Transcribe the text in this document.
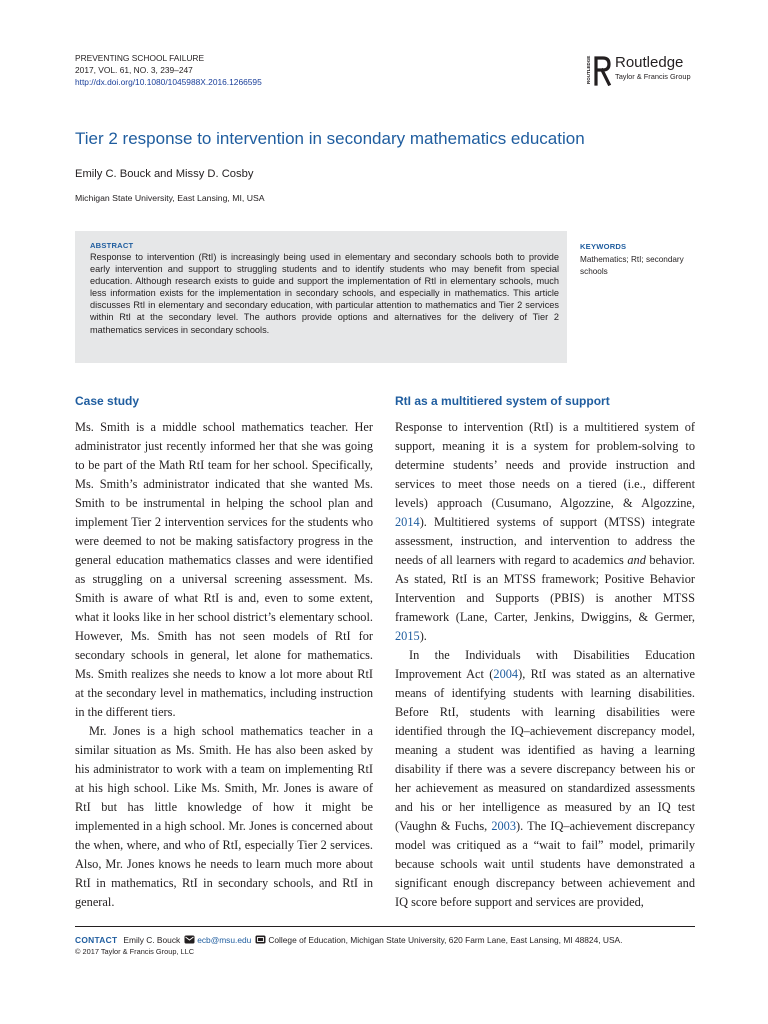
PREVENTING SCHOOL FAILURE
2017, VOL. 61, NO. 3, 239–247
http://dx.doi.org/10.1080/1045988X.2016.1266595	ROUTLEDGE Routledge
Taylor & Francis Group
Tier 2 response to intervention in secondary mathematics education
Emily C. Bouck and Missy D. Cosby
Michigan State University, East Lansing, MI, USA
ABSTRACT
Response to intervention (RtI) is increasingly being used in elementary and secondary schools both to provide early intervention and support to struggling students and to identify students who may benefit from special education. Although research exists to guide and support the implementation of RtI in elementary schools, much less information exists for the implementation in secondary schools, and especially in mathematics. This article discusses RtI in elementary and secondary education, with particular attention to mathematics and Tier 2 services within RtI at the secondary level. The authors provide options and alternatives for the delivery of Tier 2 mathematics services in secondary schools.
KEYWORDS
Mathematics; RtI; secondary schools
Case study	RtI as a multitiered system of support

Ms. Smith is a middle school mathematics teacher. Her administrator just recently informed her that she was going to be part of the Math RtI team for her school. Specifically, Ms. Smith’s administrator indicated that she wanted Ms. Smith to be instrumental in helping the school plan and implement Tier 2 intervention services for the students who were deemed to not be making satisfactory progress in the general education mathematics classes and were identified as struggling on a universal screening assessment. Ms. Smith is aware of what RtI is and, even to some extent, what it looks like in her school district’s elementary school. However, Ms. Smith has not seen models of RtI for secondary schools in general, let alone for mathematics. Ms. Smith realizes she needs to know a lot more about RtI at the secondary level in mathematics, including instruction in the different tiers.

Mr. Jones is a high school mathematics teacher in a similar situation as Ms. Smith. He has also been asked by his administrator to work with a team on implementing RtI at his high school. Like Ms. Smith, Mr. Jones is aware of RtI but has little knowledge of how it might be implemented in a high school. Mr. Jones is concerned about the when, where, and who of RtI, especially Tier 2 services. Also, Mr. Jones knows he needs to learn much more about RtI in mathematics, RtI in secondary schools, and RtI in general.

Response to intervention (RtI) is a multitiered system of support, meaning it is a system for problem-solving to determine students’ needs and provide instruction and services to meet those needs on a tiered (i.e., different levels) approach (Cusumano, Algozzine, & Algozzine, 2014). Multitiered systems of support (MTSS) integrate assessment, instruction, and intervention to address the needs of all learners with regard to academics and behavior. As stated, RtI is an MTSS framework; Positive Behavior Intervention and Supports (PBIS) is another MTSS framework (Lane, Carter, Jenkins, Dwiggins, & Germer, 2015).

In the Individuals with Disabilities Education Improvement Act (2004), RtI was stated as an alternative means of identifying students with learning disabilities. Before RtI, students with learning disabilities were identified through the IQ–achievement discrepancy model, meaning a student was identified as having a learning disability if there was a severe discrepancy between his or her achievement as measured on standardized assessments and his or her intelligence as measured by an IQ test (Vaughn & Fuchs, 2003). The IQ–achievement discrepancy model was critiqued as a “wait to fail” model, primarily because schools wait until students have demonstrated a significant enough discrepancy between achievement and IQ score before support and services are provided,

CONTACT Emily C. Bouck ecb@msu.edu College of Education, Michigan State University, 620 Farm Lane, East Lansing, MI 48824, USA.
© 2017 Taylor & Francis Group, LLC
